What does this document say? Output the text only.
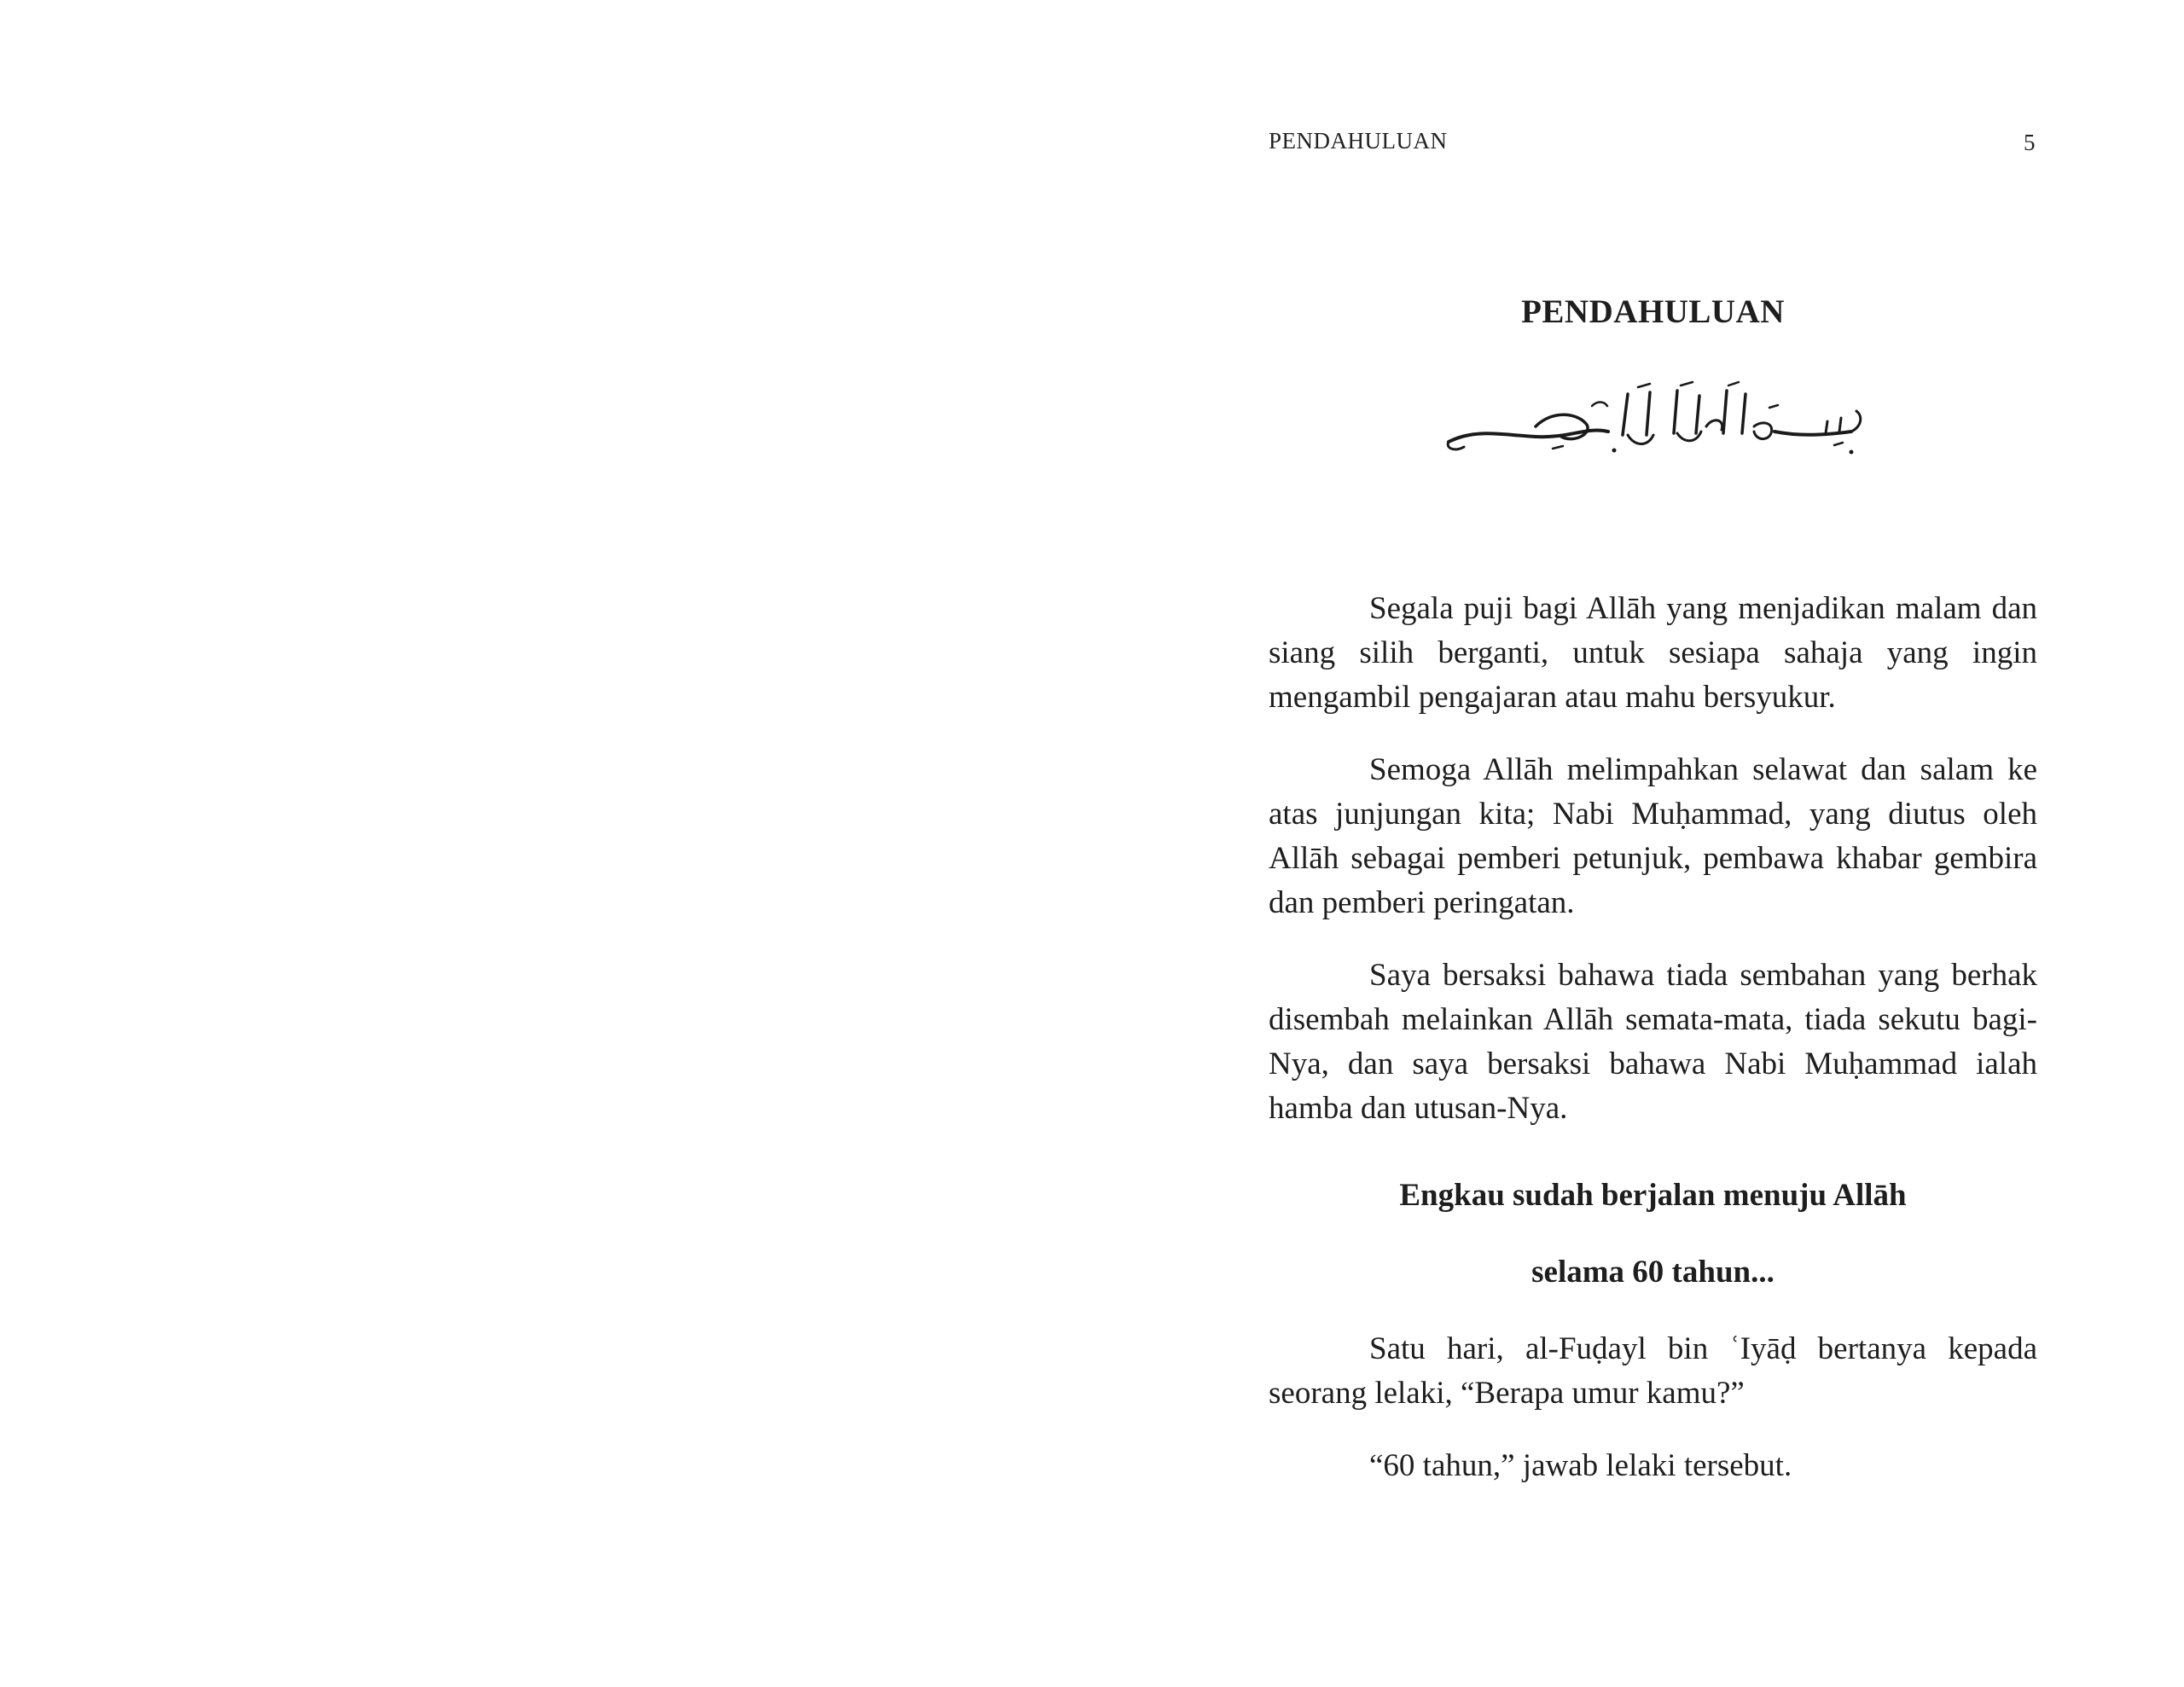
PENDAHULUAN	5
PENDAHULUAN

Segala puji bagi Allāh yang menjadikan malam dan siang silih berganti, untuk sesiapa sahaja yang ingin mengambil pengajaran atau mahu bersyukur.

Semoga Allāh melimpahkan selawat dan salam ke atas junjungan kita; Nabi Muḥammad, yang diutus oleh Allāh sebagai pemberi petunjuk, pembawa khabar gembira dan pemberi peringatan.

Saya bersaksi bahawa tiada sembahan yang berhak disembah melainkan Allāh semata-mata, tiada sekutu bagi-Nya, dan saya bersaksi bahawa Nabi Muḥammad ialah hamba dan utusan-Nya.

Engkau sudah berjalan menuju Allāh

selama 60 tahun...

Satu hari, al-Fuḍayl bin ʿIyāḍ bertanya kepada seorang lelaki, “Berapa umur kamu?”

“60 tahun,” jawab lelaki tersebut.
